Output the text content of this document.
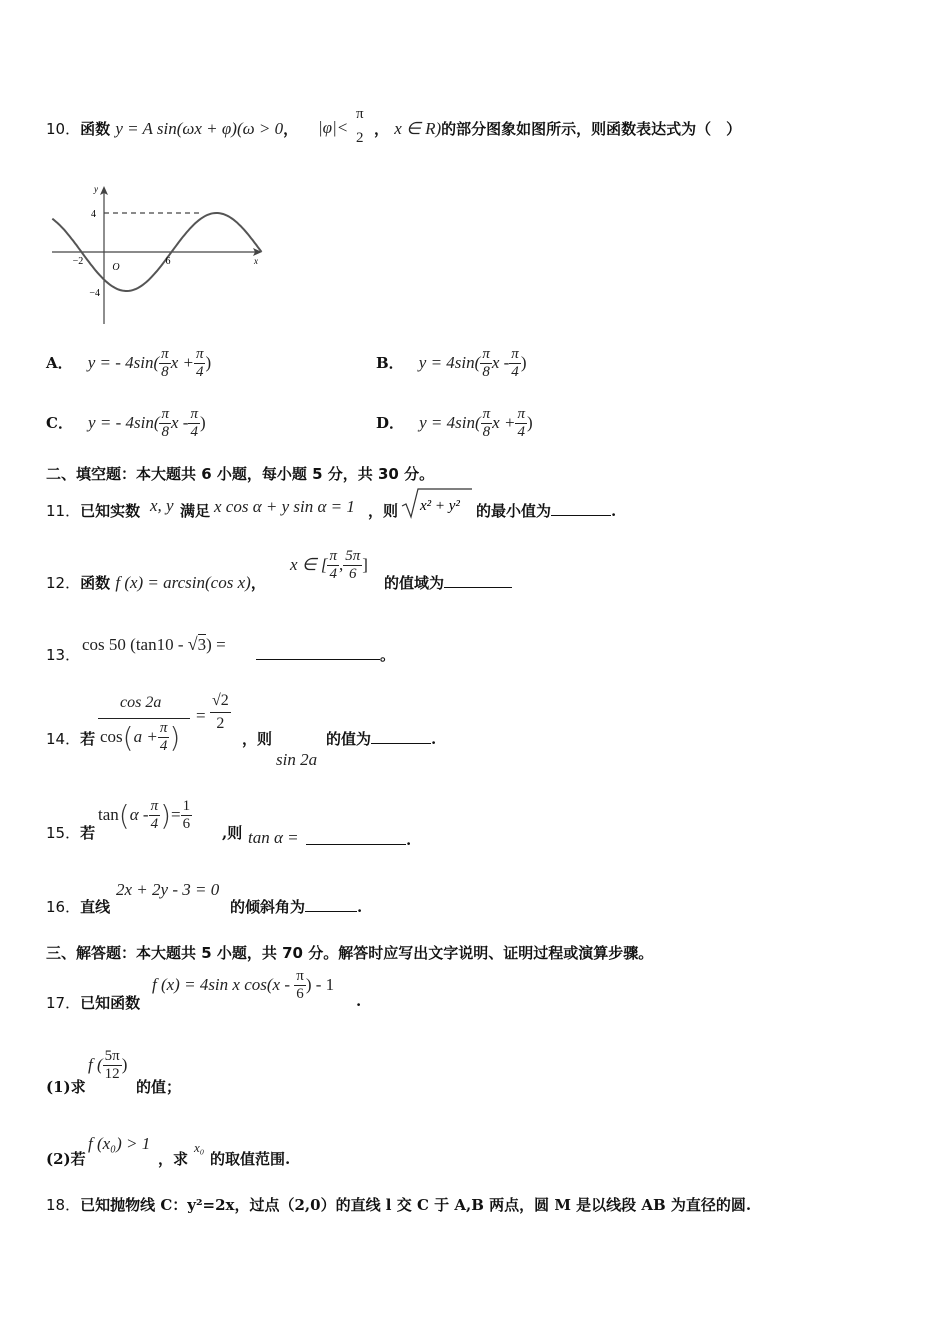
10．函数 y = A sin(ωx + φ)(ω > 0， |φ|<
π
2 ， x ∈ R)的部分图象如图所示，则函数表达式为（　）
4
−4
−2	6
O
x
y
A． y = - $4\sin( \frac{\pi}{8}$ $x + \frac{\pi}{4}$ )	B． $y = 4\sin( \frac{\pi}{8}$ x - $\frac{\pi}{4}$ )
C． y = - $4\sin( \frac{\pi}{8}$ x - $\frac{\pi}{4}$ )	D． $y = 4\sin( \frac{\pi}{8}$ $x + \frac{\pi}{4}$ )
二、填空题：本大题共 6 小题，每小题 5 分，共 30 分。
11．已知实数 x, y 满足 x cos α + y sin α = 1 ，则 x² + y² 的最小值为	.
12．函数 f (x) = arcsin(cos x)，
x ∈ [ $\frac{\pi}{4}$ , $\frac{5\pi}{6}$ ]
的值域为
13．
cos 50 (tan10 - √3) =
。
14．若
cos 2a
$\cos(a + \frac{\pi}{4}$ )
= $\frac{√2}{2}$
，则
sin 2a
的值为	.
15．若
$\tan(\alpha - \frac{\pi}{4}$ )= $\frac{1}{6}$ ,则 tan α =	.
16．直线
2x + 2y - 3 = 0
的倾斜角为	.
三、解答题：本大题共 5 小题，共 70 分。解答时应写出文字说明、证明过程或演算步骤。
17．已知函数
f (x) = 4sin x $\cos(x - \frac{\pi}{6}$ ) - 1
.
(1)求
f ( $\frac{5\pi}{12}$ )
的值；
(2)若
f (x₀) > 1
，求
x₀
的取值范围.
18．已知抛物线 C：y²=2x，过点（2,0）的直线 l 交 C 于 A,B 两点，圆 M 是以线段 AB 为直径的圆.
